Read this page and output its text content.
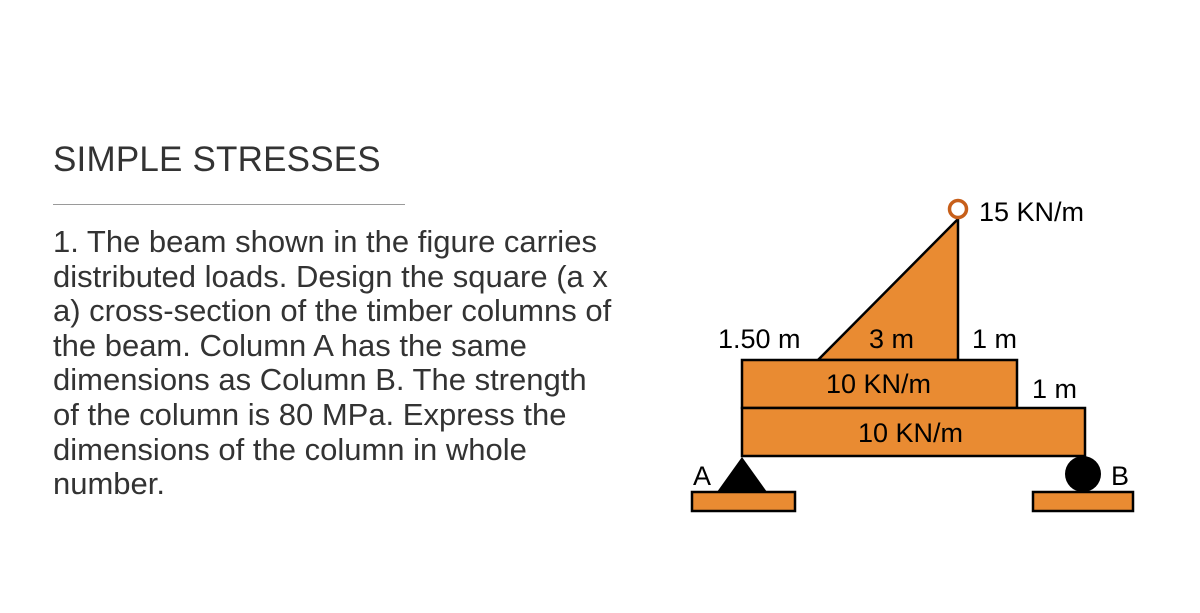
SIMPLE STRESSES

1. The beam shown in the figure carries distributed loads. Design the square (a x a) cross-section of the timber columns of the beam. Column A has the same dimensions as Column B. The strength of the column is 80 MPa. Express the dimensions of the column in whole number.

15 KN/m
1.50 m	3 m 1 m
1 m
10 KN/m
10 KN/m
A	B
